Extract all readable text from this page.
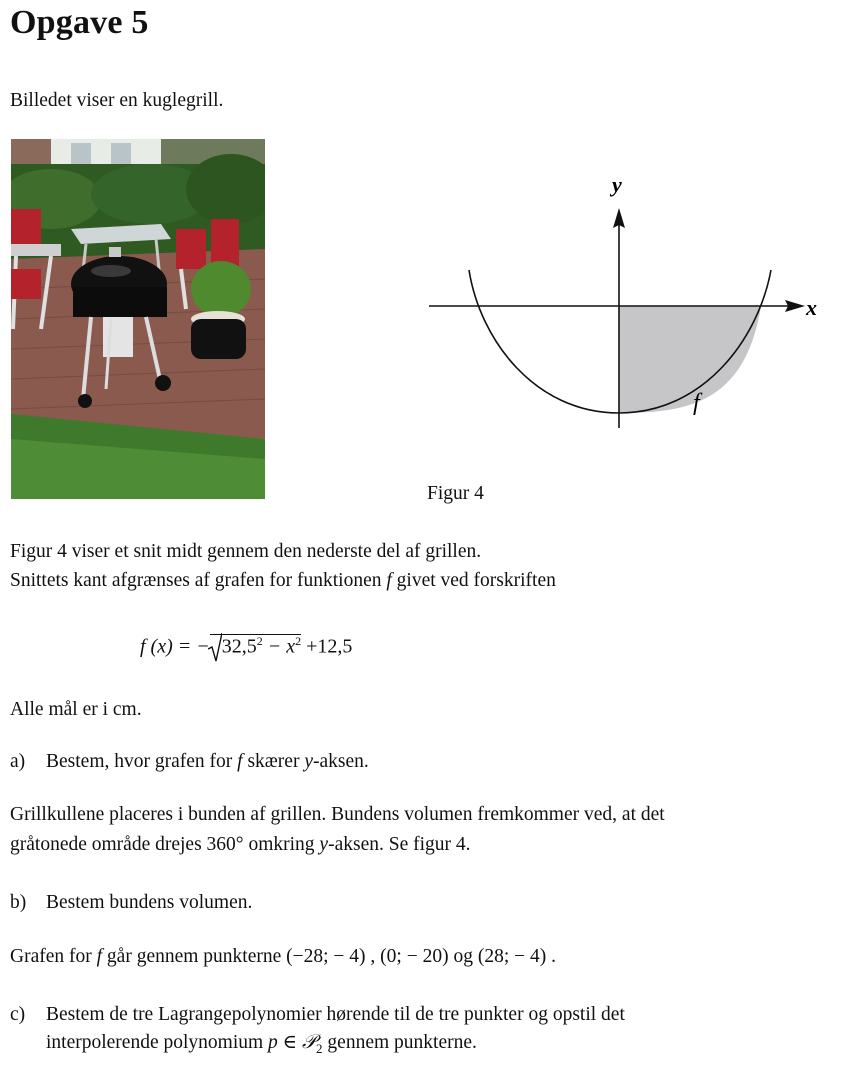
Opgave 5
Billedet viser en kuglegrill.
x
y
f
Figur 4
Figur 4 viser et snit midt gennem den nederste del af grillen.
Snittets kant afgrænses af grafen for funktionen f givet ved forskriften
f (x) = − $32,5^2 - x^2 +12,5$
Alle mål er i cm.
a) Bestem, hvor grafen for f skærer y-aksen.
Grillkullene placeres i bunden af grillen. Bundens volumen fremkommer ved, at det
gråtonede område drejes 360° omkring y-aksen. Se figur 4.
b) Bestem bundens volumen.
Grafen for f går gennem punkterne (−28; − 4) , (0; − 20) og (28; − 4) .
c) Bestem de tre Lagrangepolynomier hørende til de tre punkter og opstil det
interpolerende polynomium p ∈ 𝒫$_2$ gennem punkterne.
